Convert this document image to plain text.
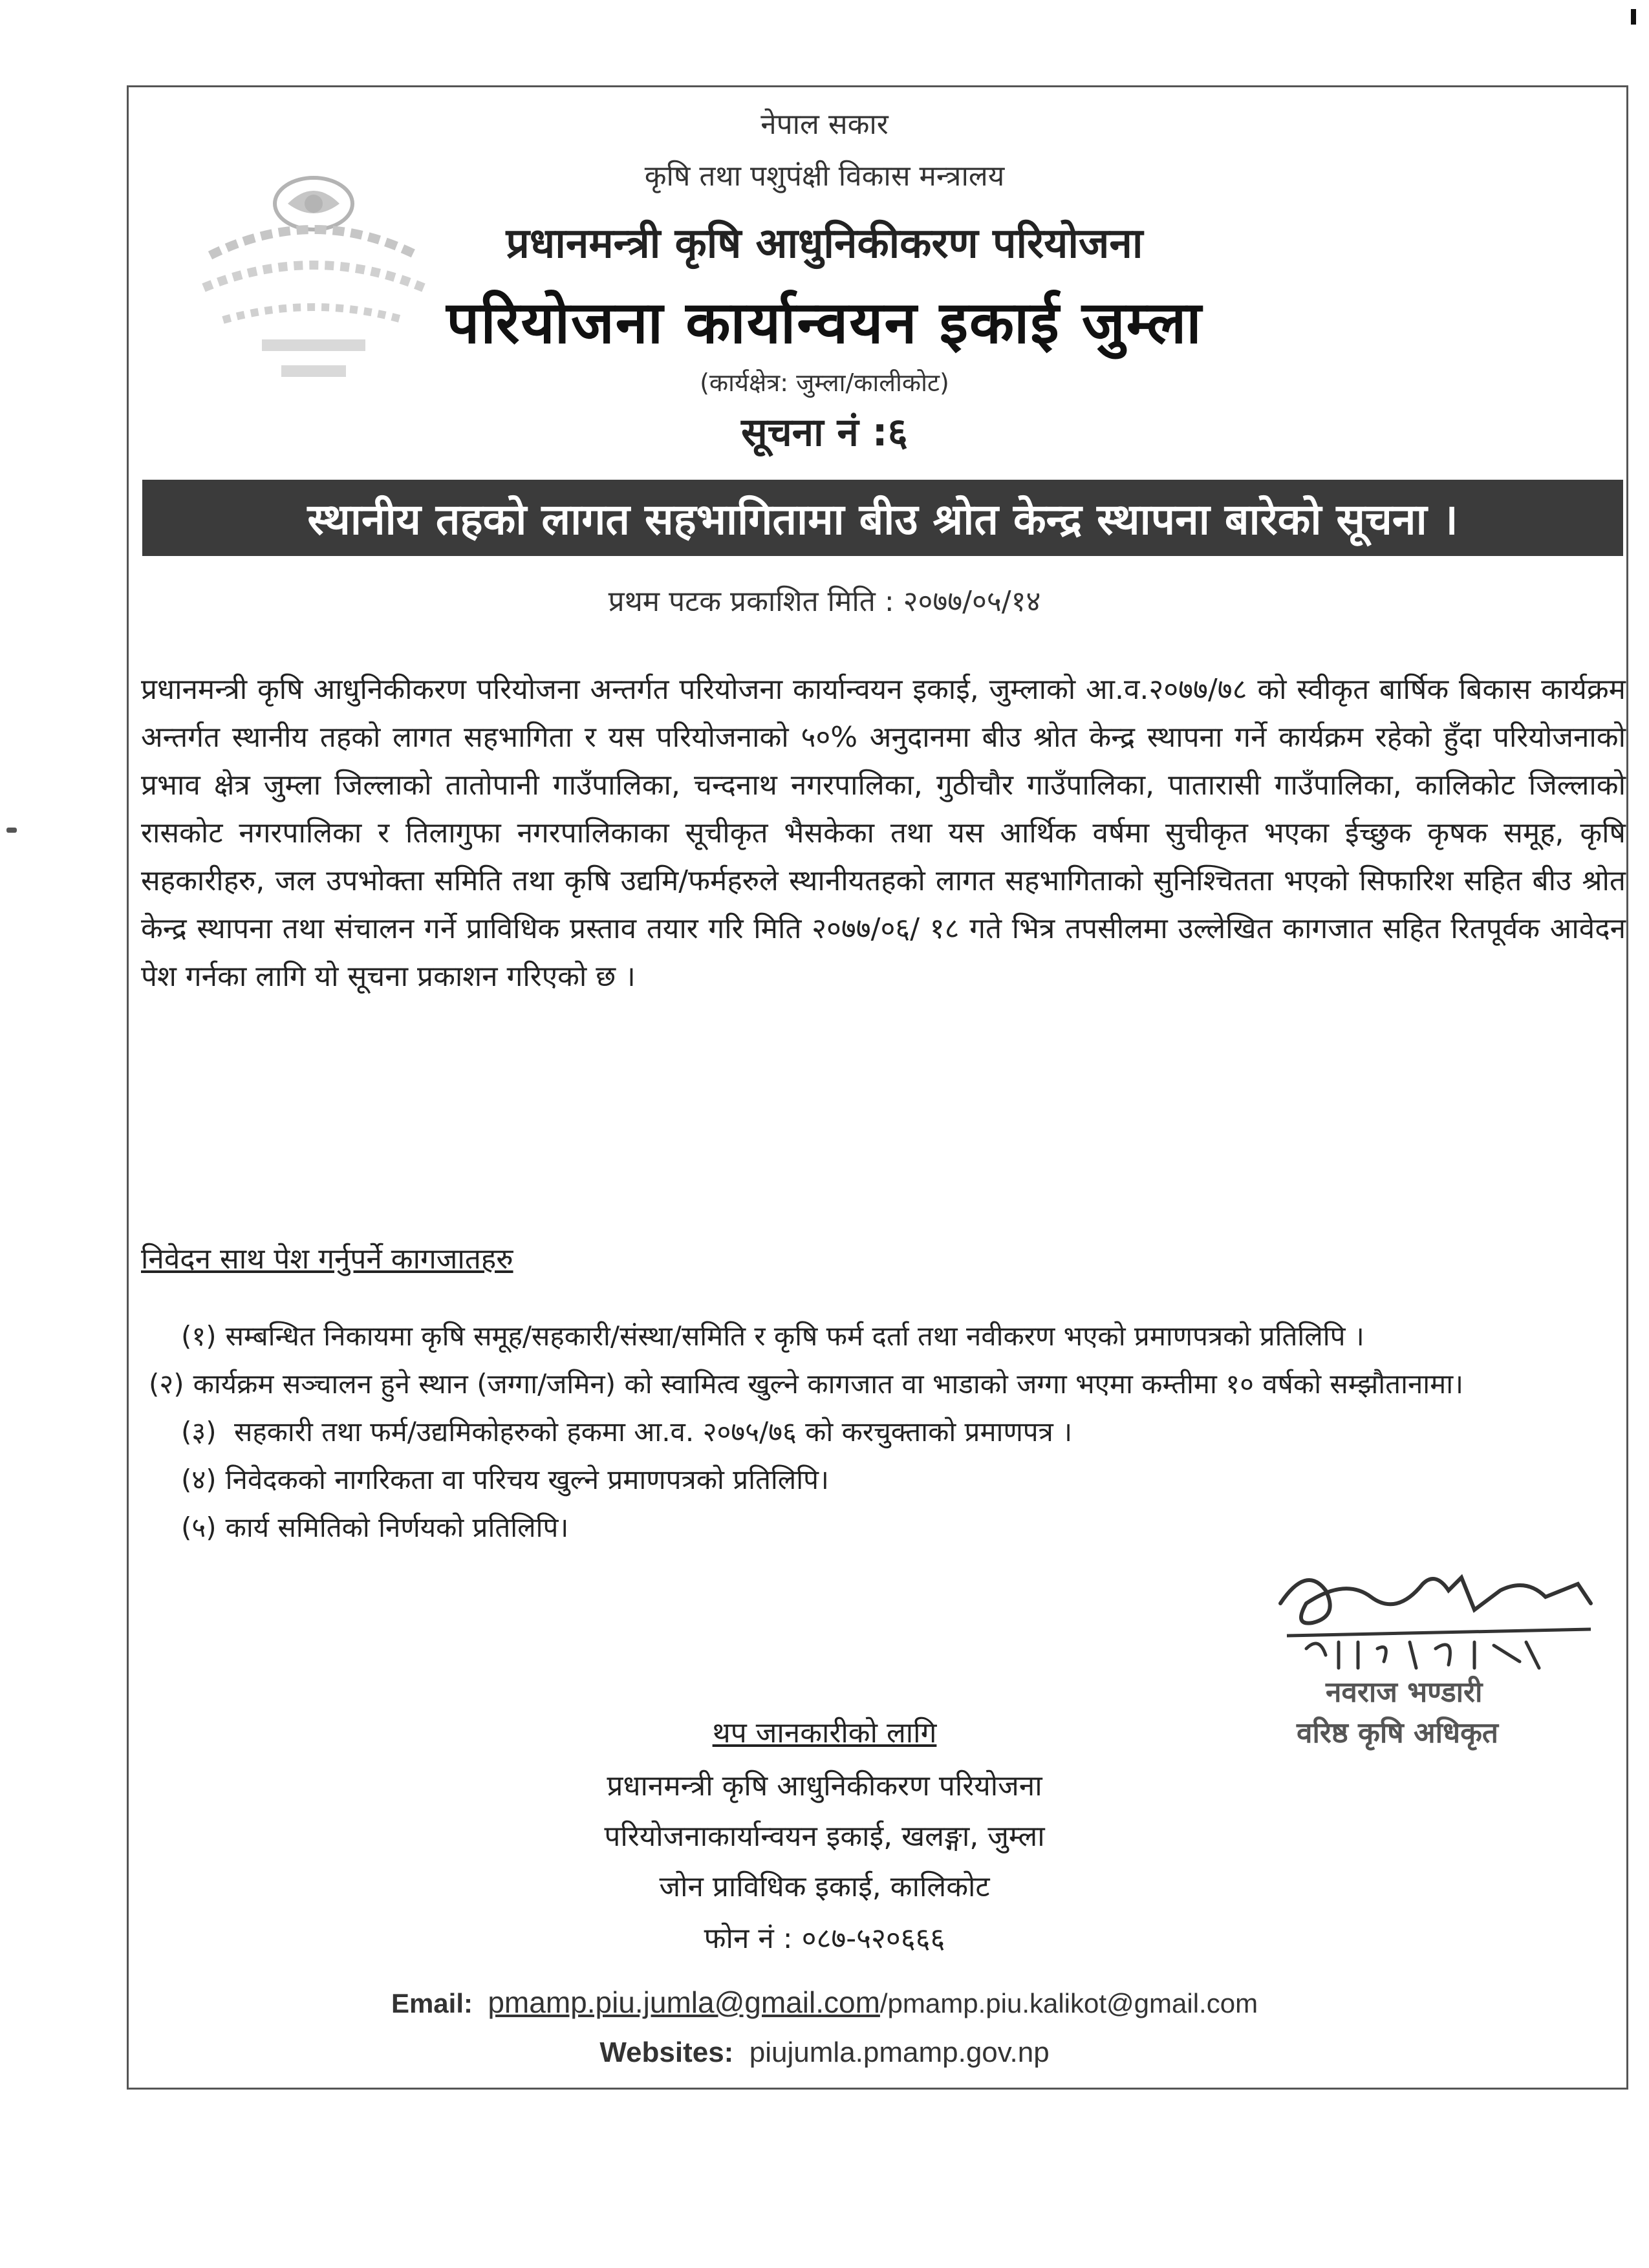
नेपाल सकार
कृषि तथा पशुपंक्षी विकास मन्त्रालय
प्रधानमन्त्री कृषि आधुनिकीकरण परियोजना
परियोजना कार्यान्वयन इकाई जुम्ला
(कार्यक्षेत्र: जुम्ला/कालीकोट)
सूचना नं :६
स्थानीय तहको लागत सहभागितामा बीउ श्रोत केन्द्र स्थापना बारेको सूचना ।
प्रथम पटक प्रकाशित मिति : २०७७/०५/१४
प्रधानमन्त्री कृषि आधुनिकीकरण परियोजना अन्तर्गत परियोजना कार्यान्वयन इकाई, जुम्लाको आ.व.२०७७/७८ को स्वीकृत बार्षिक बिकास कार्यक्रम अन्तर्गत स्थानीय तहको लागत सहभागिता र यस परियोजनाको ५०% अनुदानमा बीउ श्रोत केन्द्र स्थापना गर्ने कार्यक्रम रहेको हुँदा परियोजनाको प्रभाव क्षेत्र जुम्ला जिल्लाको तातोपानी गाउँपालिका, चन्दनाथ नगरपालिका, गुठीचौर गाउँपालिका, पातारासी गाउँपालिका, कालिकोट जिल्लाको रासकोट नगरपालिका र तिलागुफा नगरपालिकाका सूचीकृत भैसकेका तथा यस आर्थिक वर्षमा सुचीकृत भएका ईच्छुक कृषक समूह, कृषि सहकारीहरु, जल उपभोक्ता समिति तथा कृषि उद्यमि/फर्महरुले स्थानीयतहको लागत सहभागिताको सुनिश्चितता भएको सिफारिश सहित बीउ श्रोत केन्द्र स्थापना तथा संचालन गर्ने प्राविधिक प्रस्ताव तयार गरि मिति २०७७/०६/ १८ गते भित्र तपसीलमा उल्लेखित कागजात सहित रितपूर्वक आवेदन पेश गर्नका लागि यो सूचना प्रकाशन गरिएको छ ।
निवेदन साथ पेश गर्नुपर्ने कागजातहरु
(१) सम्बन्धित निकायमा कृषि समूह/सहकारी/संस्था/समिति र कृषि फर्म दर्ता तथा नवीकरण भएको प्रमाणपत्रको प्रतिलिपि ।
(२) कार्यक्रम सञ्चालन हुने स्थान (जग्गा/जमिन) को स्वामित्व खुल्ने कागजात वा भाडाको जग्गा भएमा कम्तीमा १० वर्षको सम्झौतानामा।
(३) सहकारी तथा फर्म/उद्यमिकोहरुको हकमा आ.व. २०७५/७६ को करचुक्ताको प्रमाणपत्र ।
(४) निवेदकको नागरिकता वा परिचय खुल्ने प्रमाणपत्रको प्रतिलिपि।
(५) कार्य समितिको निर्णयको प्रतिलिपि।
नवराज भण्डारी
वरिष्ठ कृषि अधिकृत
थप जानकारीको लागि
प्रधानमन्त्री कृषि आधुनिकीकरण परियोजना
परियोजनाकार्यान्वयन इकाई, खलङ्गा, जुम्ला
जोन प्राविधिक इकाई, कालिकोट
फोन नं : ०८७-५२०६६६
Email: pmamp.piu.jumla@gmail.com/pmamp.piu.kalikot@gmail.com
Websites: piujumla.pmamp.gov.np
